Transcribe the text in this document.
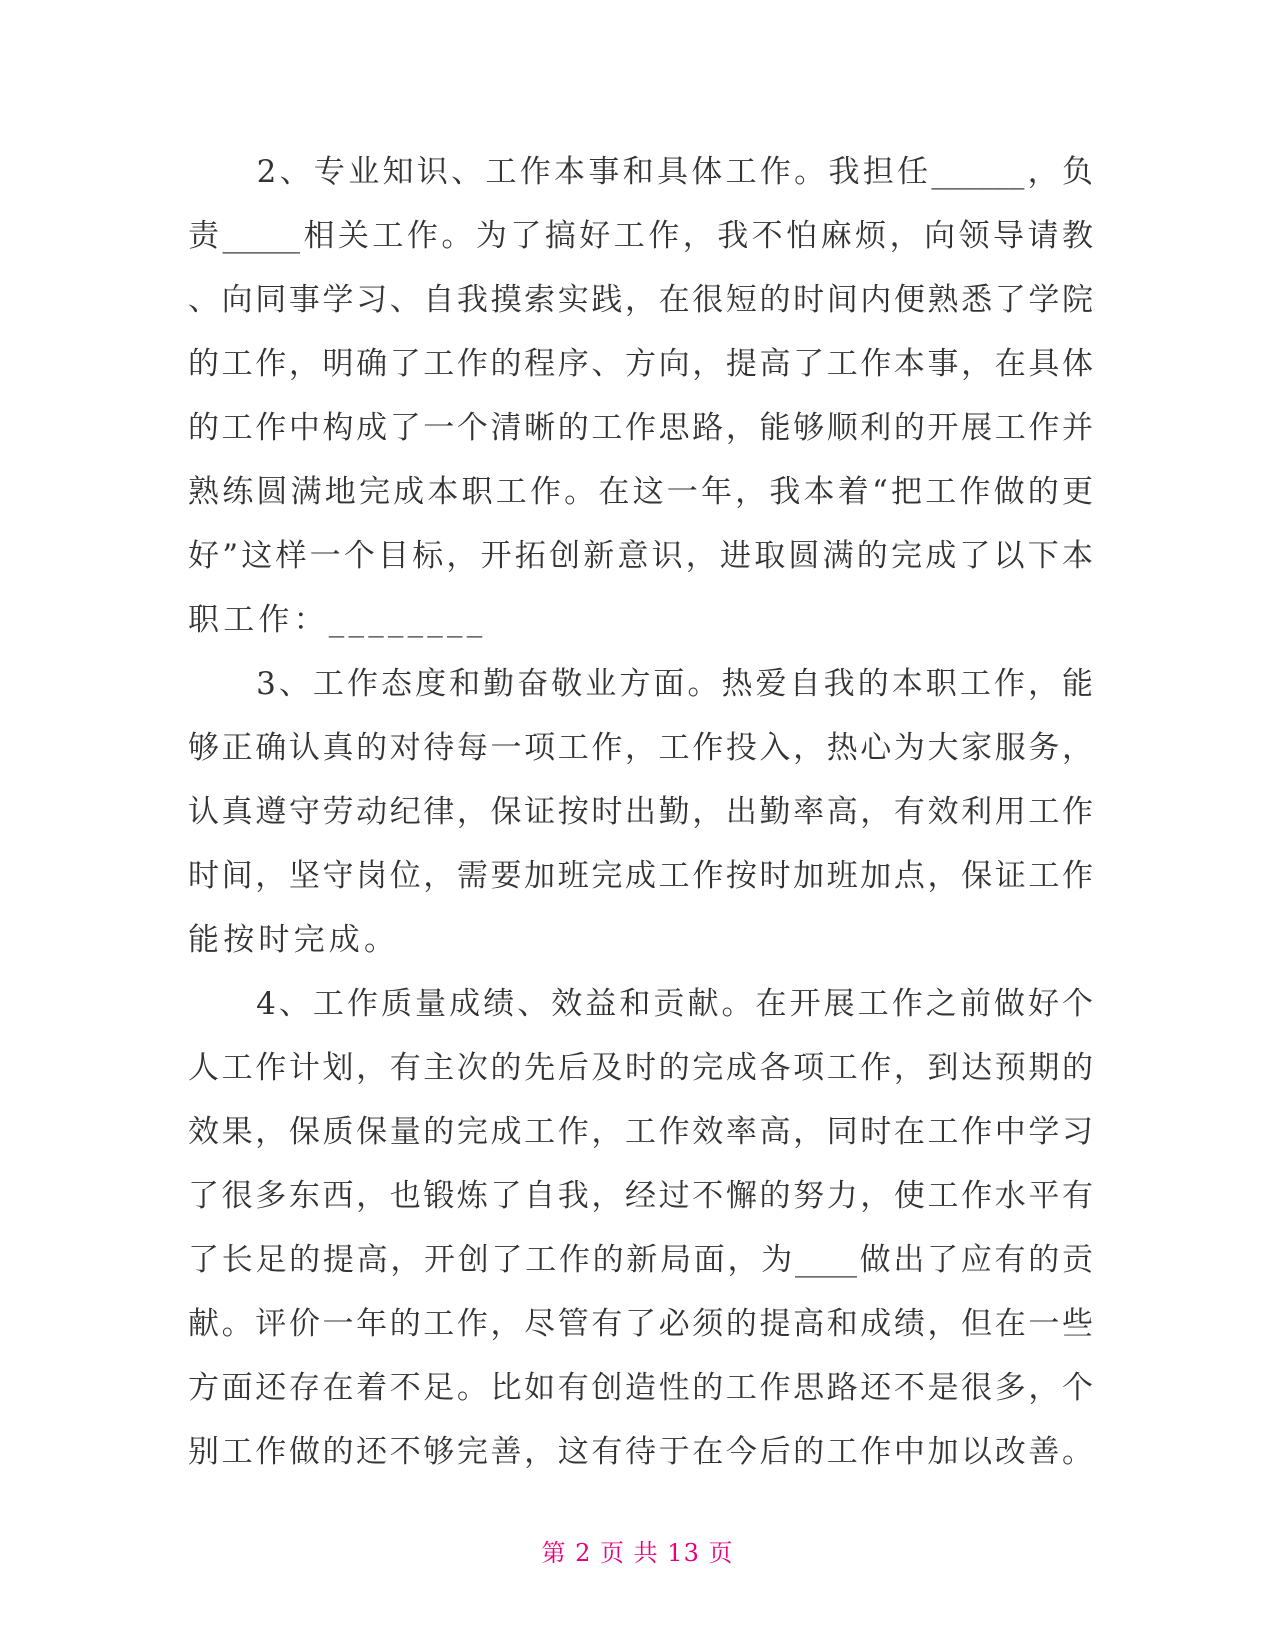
　　2、专业知识、工作本事和具体工作。我担任______，负
责_____相关工作。为了搞好工作，我不怕麻烦，向领导请教
、向同事学习、自我摸索实践，在很短的时间内便熟悉了学院
的工作，明确了工作的程序、方向，提高了工作本事，在具体
的工作中构成了一个清晰的工作思路，能够顺利的开展工作并
熟练圆满地完成本职工作。在这一年，我本着“把工作做的更
好”这样一个目标，开拓创新意识，进取圆满的完成了以下本
职工作：________
　　3、工作态度和勤奋敬业方面。热爱自我的本职工作，能
够正确认真的对待每一项工作，工作投入，热心为大家服务，
认真遵守劳动纪律，保证按时出勤，出勤率高，有效利用工作
时间，坚守岗位，需要加班完成工作按时加班加点，保证工作
能按时完成。
　　4、工作质量成绩、效益和贡献。在开展工作之前做好个
人工作计划，有主次的先后及时的完成各项工作，到达预期的
效果，保质保量的完成工作，工作效率高，同时在工作中学习
了很多东西，也锻炼了自我，经过不懈的努力，使工作水平有
了长足的提高，开创了工作的新局面，为____做出了应有的贡
献。评价一年的工作，尽管有了必须的提高和成绩，但在一些
方面还存在着不足。比如有创造性的工作思路还不是很多，个
别工作做的还不够完善，这有待于在今后的工作中加以改善。
第 2 页 共 13 页
